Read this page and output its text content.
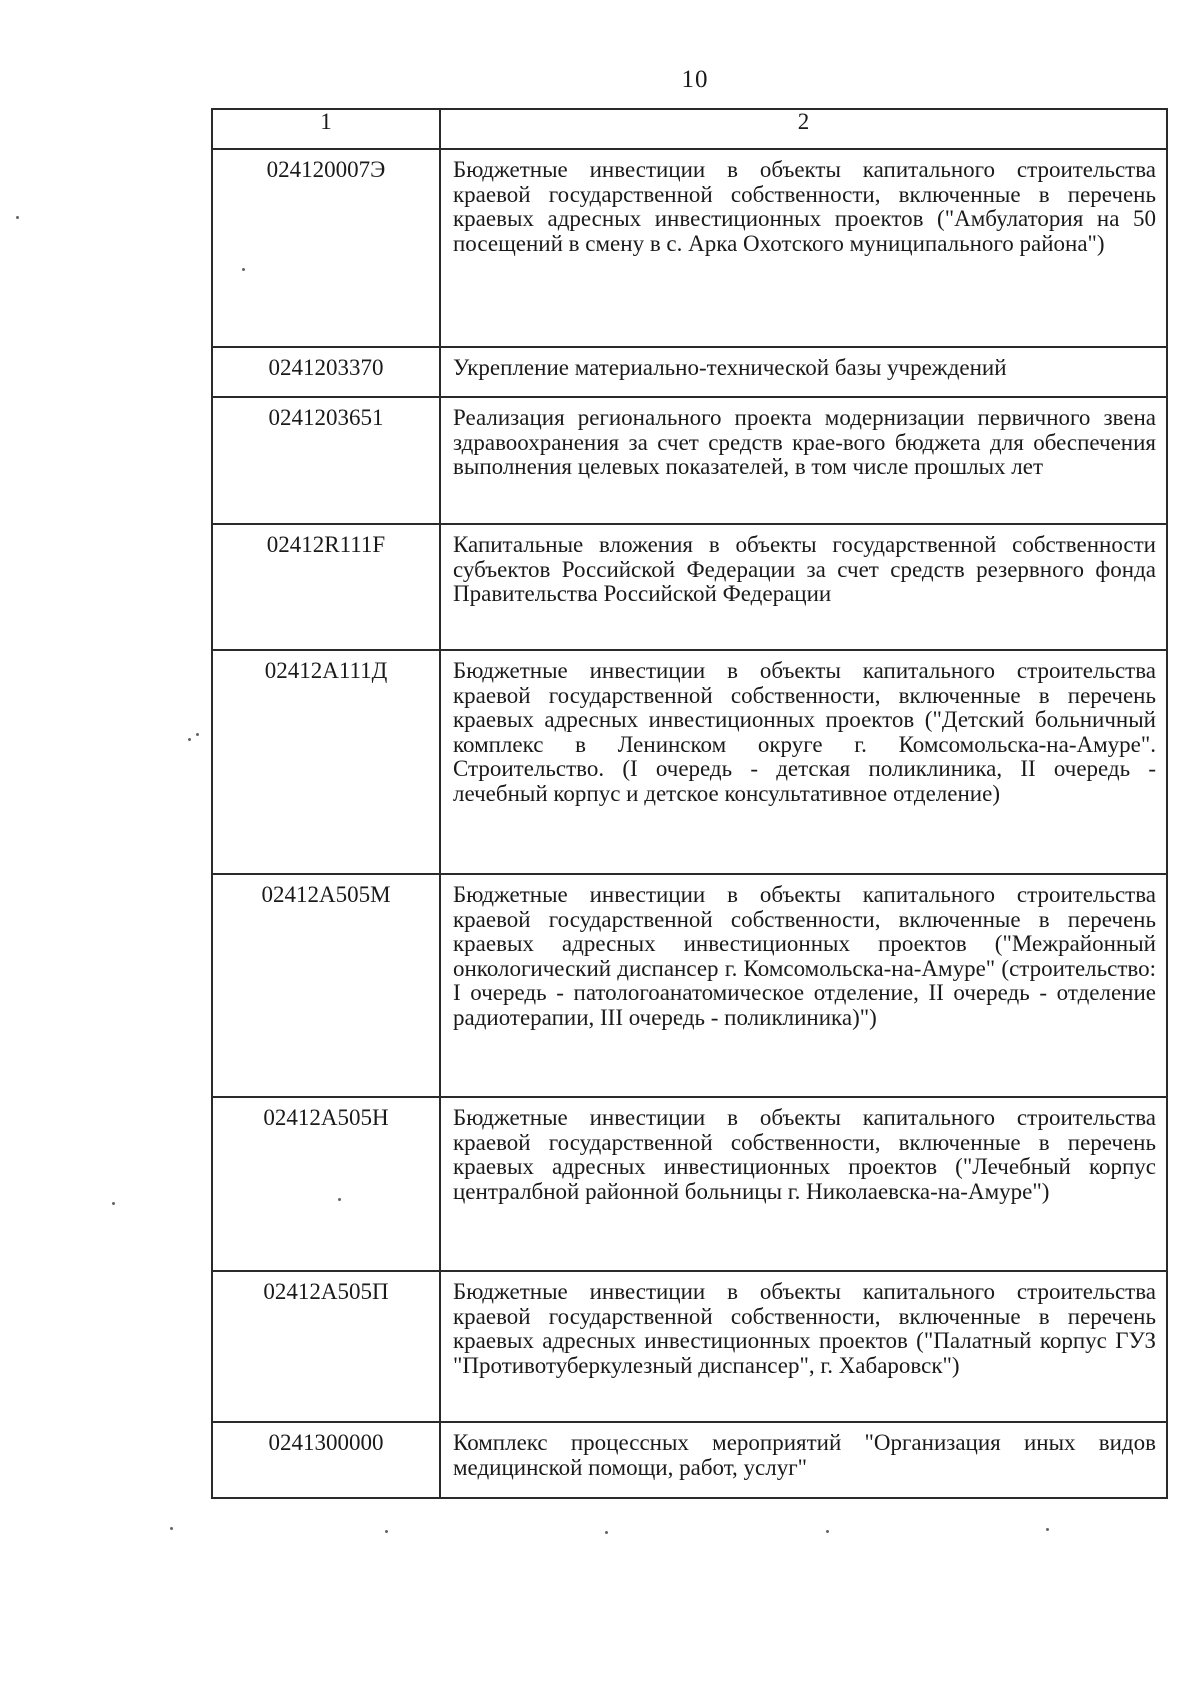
10
1	2
024120007Э	Бюджетные инвестиции в объекты капитального строительства краевой государственной собственности, включенные в перечень краевых адресных инвестиционных проектов ("Амбулатория на 50 посещений в смену в с. Арка Охотского муниципального района")
0241203370	Укрепление материально-технической базы учреждений
0241203651	Реализация регионального проекта модернизации первичного звена здравоохранения за счет средств крае-вого бюджета для обеспечения выполнения целевых показателей, в том числе прошлых лет
02412R111F	Капитальные вложения в объекты государственной собственности субъектов Российской Федерации за счет средств резервного фонда Правительства Российской Федерации
02412А111Д	Бюджетные инвестиции в объекты капитального строительства краевой государственной собственности, включенные в перечень краевых адресных инвестиционных проектов ("Детский больничный комплекс в Ленинском округе г. Комсомольска-на-Амуре". Строительство. (I очередь - детская поликлиника, II очередь - лечебный корпус и детское консультативное отделение)
02412А505М	Бюджетные инвестиции в объекты капитального строительства краевой государственной собственности, включенные в перечень краевых адресных инвестиционных проектов ("Межрайонный онкологический диспансер г. Комсомольска-на-Амуре" (строительство: I очередь - патологоанатомическое отделение, II очередь - отделение радиотерапии, III очередь - поликлиника)")
02412А505Н	Бюджетные инвестиции в объекты капитального строительства краевой государственной собственности, включенные в перечень краевых адресных инвестиционных проектов ("Лечебный корпус централбной районной больницы г. Николаевска-на-Амуре")
02412А505П	Бюджетные инвестиции в объекты капитального строительства краевой государственной собственности, включенные в перечень краевых адресных инвестиционных проектов ("Палатный корпус ГУЗ "Противотуберкулезный диспансер", г. Хабаровск")
0241300000	Комплекс процессных мероприятий "Организация иных видов медицинской помощи, работ, услуг"
